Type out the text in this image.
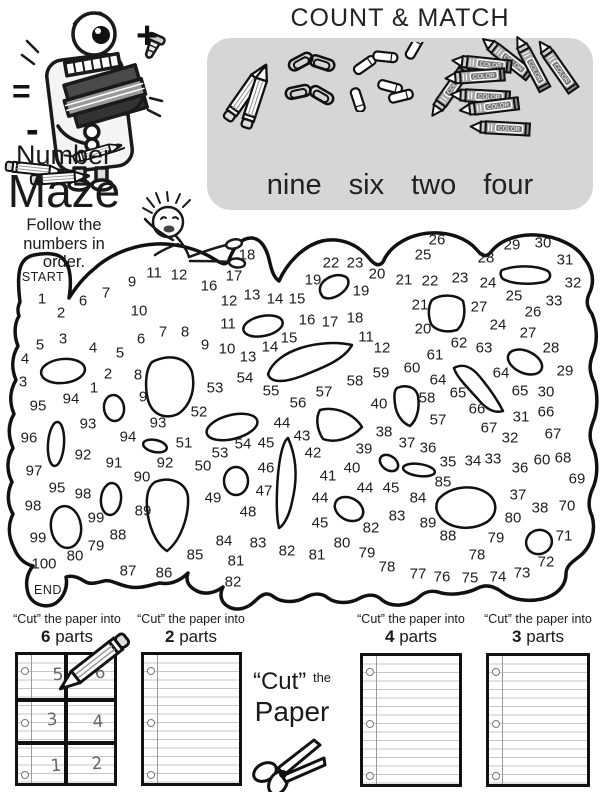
1
2
6 7
9
11 12
10
16
17
18
12 13 14 15
19
22 23
20
19
21 22 23 24
25
26
26
25	28
29 30
31
32
33
21
20	24
27
27
28
29
30
31
32
5 3
4
3
4 5
6 7 8 11	16 17 18
11
12
9 10 13
14
15
2 8
1
9
95 94
93
96
92 91
97	90
95 98
98
99 89
99	88
79
80
100	87 86
85
93
94
92
53
52
51
50
49
48
47
46
45
54
53
54
55
56
57
58 59 60
61
62 63
64
58 65
57
66
67
64
65
66
67
40
38
39
44
43
42
41 40
37 36
35 34 33
36
37
38
60 68
69
70
71
72
44
45
44 45
82
83
84
85
89
88
80
79
78
73
74
75
76
77
84 83 82 81
80
79
78
81
82
START
END
+
=
-
COUNT & MATCH
nine six two four
Number
Maze
Follow the
numbers in
order.
“Cut” the paper into
6 parts
5 6
3 4
1 2
“Cut” the paper into
2 parts
“Cut” $^{the}$
Paper
“Cut” the paper into
4 parts
“Cut” the paper into
3 parts
